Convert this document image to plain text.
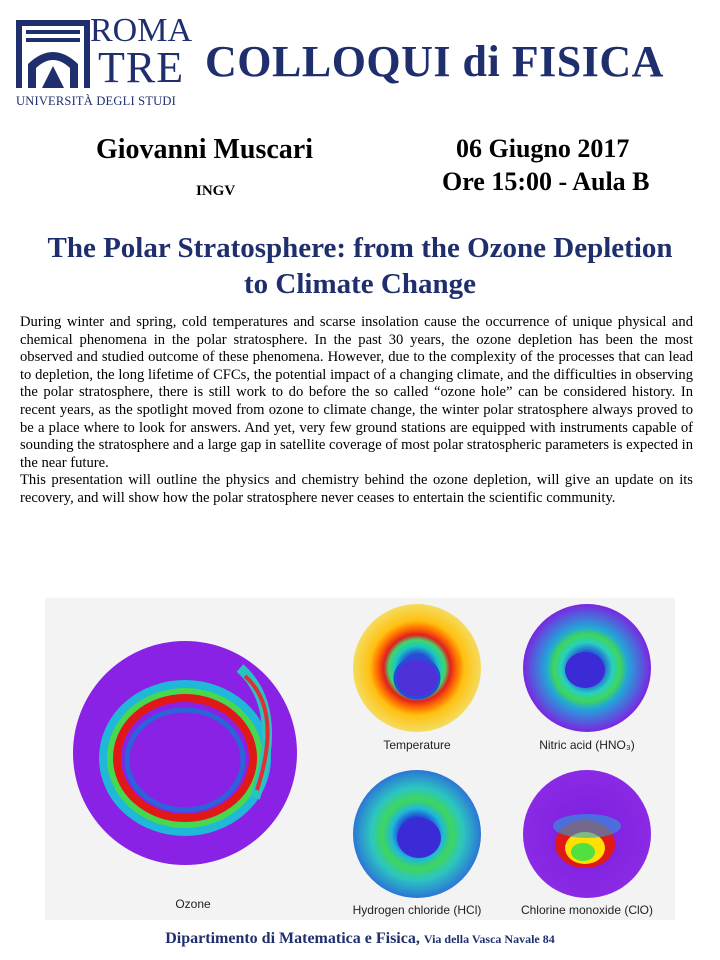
ROMA
TRE
UNIVERSITÀ DEGLI STUDI
COLLOQUI di FISICA
Giovanni Muscari
INGV
06 Giugno 2017
Ore 15:00 - Aula B
The Polar Stratosphere: from the Ozone Depletion
to Climate Change

During winter and spring, cold temperatures and scarse insolation cause the occurrence of unique physical and chemical phenomena in the polar stratosphere. In the past 30 years, the ozone depletion has been the most observed and studied outcome of these phenomena. However, due to the complexity of the processes that can lead to depletion, the long lifetime of CFCs, the potential impact of a changing climate, and the difficulties in observing the polar stratosphere, there is still work to do before the so called “ozone hole” can be considered history. In recent years, as the spotlight moved from ozone to climate change, the winter polar stratosphere always proved to be a place where to look for answers. And yet, very few ground stations are equipped with instruments capable of sounding the stratosphere and a large gap in satellite coverage of most polar stratospheric parameters is expected in the near future.

This presentation will outline the physics and chemistry behind the ozone depletion, will give an update on its recovery, and will show how the polar stratosphere never ceases to entertain the scientific community.

Ozone
Temperature	Nitric acid (HNO₃)
Hydrogen chloride (HCl)	Chlorine monoxide (ClO)
Dipartimento di Matematica e Fisica, Via della Vasca Navale 84
